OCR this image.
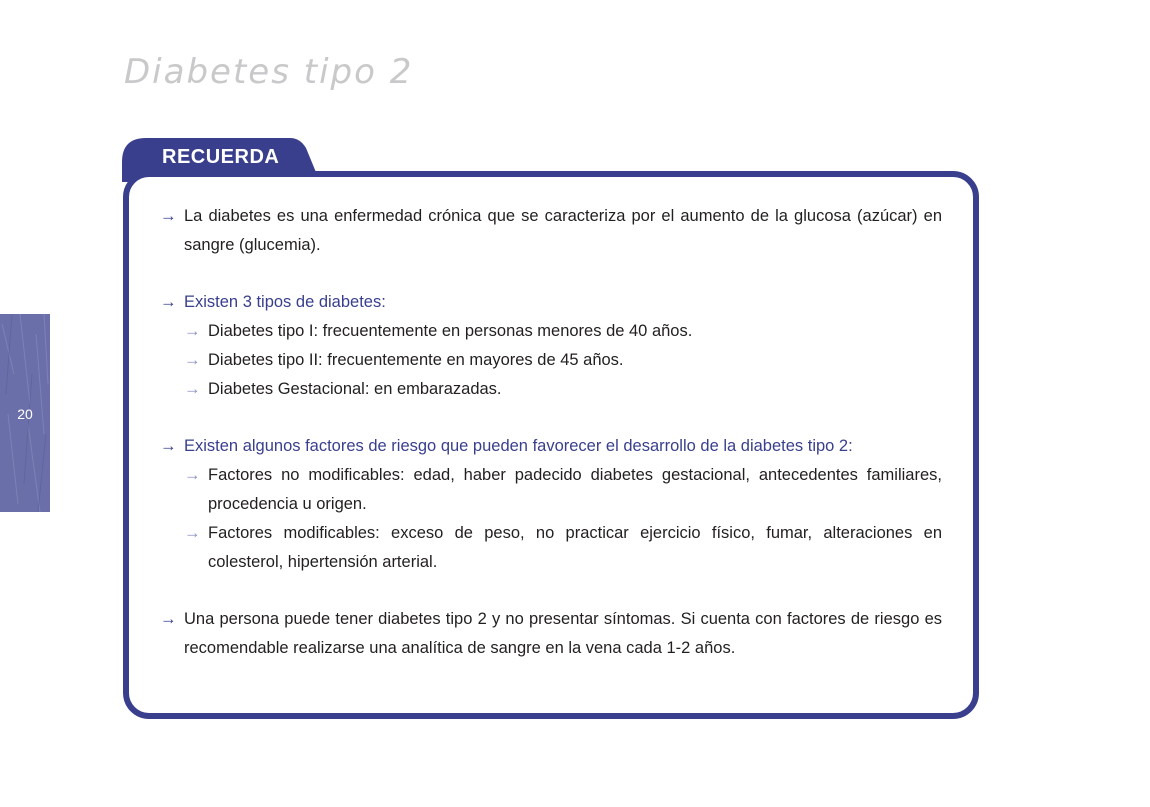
Diabetes tipo 2
20
RECUERDA

→ La diabetes es una enfermedad crónica que se caracteriza por el aumento de la glucosa (azúcar) en sangre (glucemia).

→ Existen 3 tipos de diabetes:

→ Diabetes tipo I: frecuentemente en personas menores de 40 años.

→ Diabetes tipo II: frecuentemente en mayores de 45 años.

→ Diabetes Gestacional: en embarazadas.

→ Existen algunos factores de riesgo que pueden favorecer el desarrollo de la diabetes tipo 2:

→ Factores no modificables: edad, haber padecido diabetes gestacional, antecedentes familiares, procedencia u origen.

→ Factores modificables: exceso de peso, no practicar ejercicio físico, fumar, alteraciones en colesterol, hipertensión arterial.

→ Una persona puede tener diabetes tipo 2 y no presentar síntomas. Si cuenta con factores de riesgo es recomendable realizarse una analítica de sangre en la vena cada 1-2 años.
